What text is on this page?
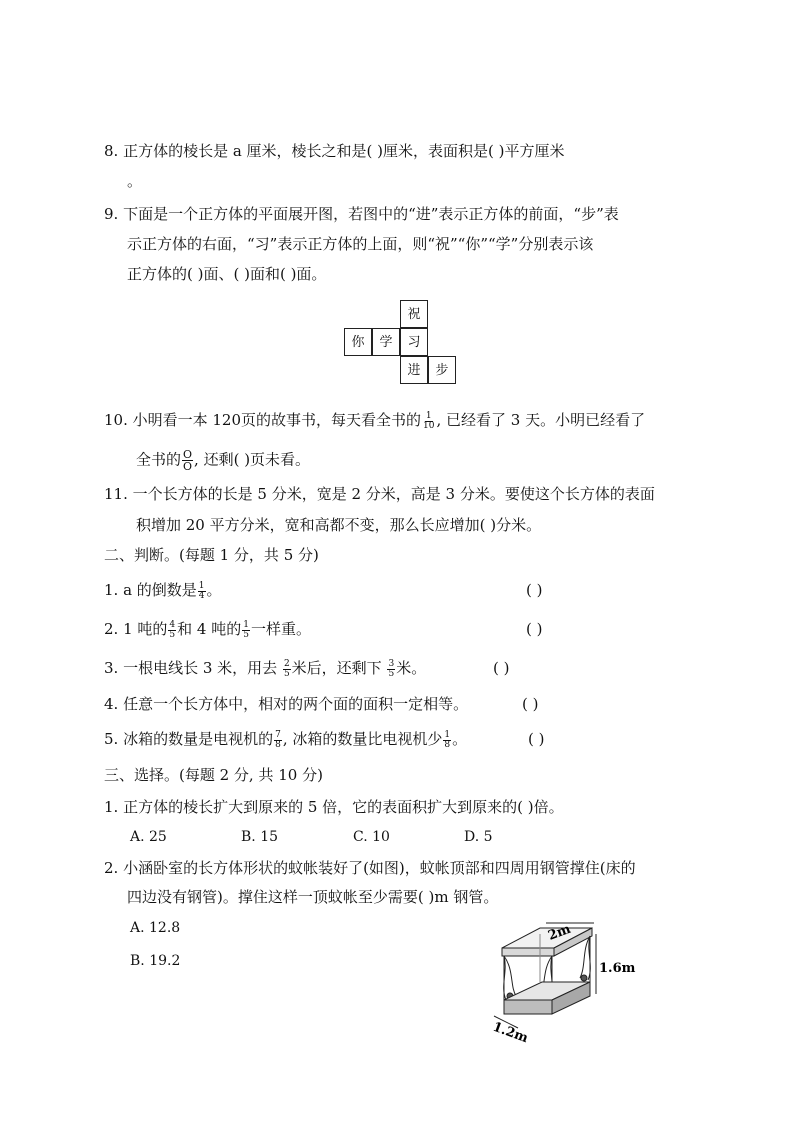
8. 正方体的棱长是 a 厘米，棱长之和是( )厘米，表面积是( )平方厘米
。
9. 下面是一个正方体的平面展开图，若图中的“进”表示正方体的前面，“步”表
示正方体的右面，“习”表示正方体的上面，则“祝”“你”“学”分别表示该
正方体的( )面、( )面和( )面。
祝
你	学	习
进	步
10. 小明看一本 120页的故事书，每天看全书的 $\frac{1}{10}$ , 已经看了 3 天。小明已经看了
全书的 $\frac{O}{O}$ , 还剩( )页未看。
11. 一个长方体的长是 5 分米，宽是 2 分米，高是 3 分米。要使这个长方体的表面
积增加 20 平方分米，宽和高都不变，那么长应增加( )分米。
二、判断。(每题 1 分，共 5 分)
1. a 的倒数是 $\frac{1}{4}$ 。	( )
2. 1 吨的 $\frac{4}{5}$ 和 4 吨的 $\frac{1}{5}$ 一样重。	( )
3. 一根电线长 3 米，用去 $\frac{2}{5}$ 米后，还剩下 $\frac{3}{5}$ 米。	( )
4. 任意一个长方体中，相对的两个面的面积一定相等。	( )
5. 冰箱的数量是电视机的 $\frac{7}{8}$ , 冰箱的数量比电视机少 $\frac{1}{8}$ 。	( )
三、选择。(每题 2 分, 共 10 分)
1. 正方体的棱长扩大到原来的 5 倍，它的表面积扩大到原来的( )倍。
A. 25	B. 15	C. 10	D. 5
2. 小涵卧室的长方体形状的蚊帐装好了(如图)，蚊帐顶部和四周用钢管撑住(床的
四边没有钢管)。撑住这样一顶蚊帐至少需要( )m 钢管。
A. 12.8
B. 19.2
2m
1.6m
1.2m
